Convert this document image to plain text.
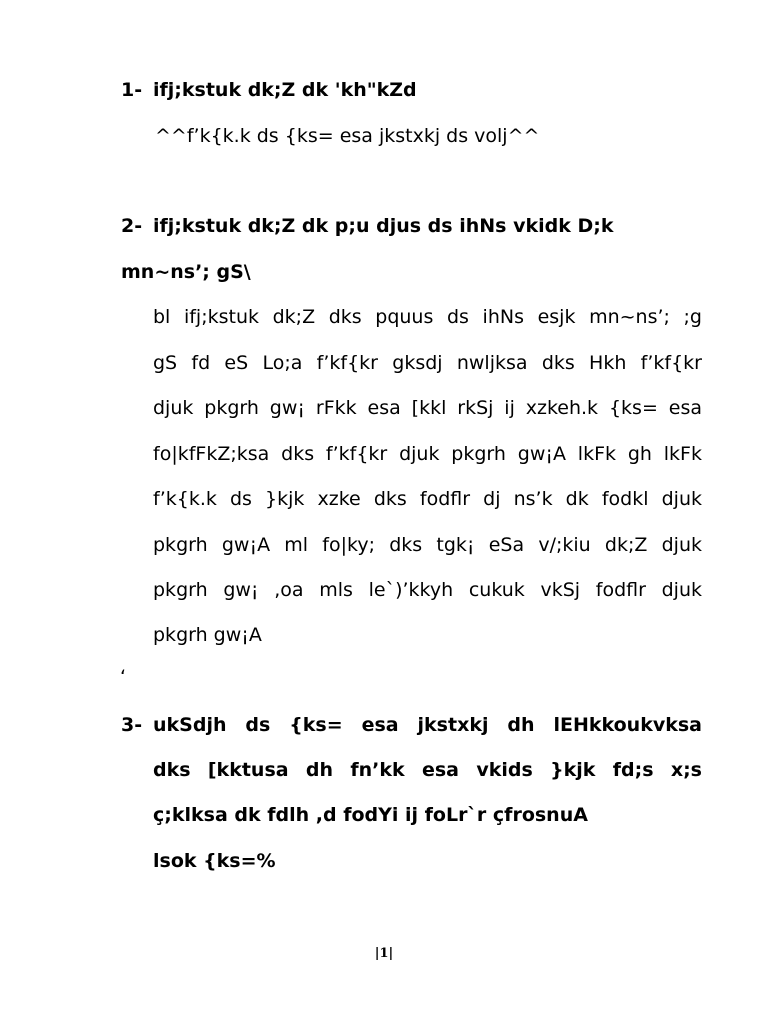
1- ifj;kstuk dk;Z dk 'kh"kZd
^^f’k{k.k ds {ks= esa jkstxkj ds volj^^
2- ifj;kstuk dk;Z dk p;u djus ds ihNs vkidk D;k
mn~ns’; gS\
bl ifj;kstuk dk;Z dks pquus ds ihNs esjk mn~ns’; ;g
gS fd eS Lo;a f’kf{kr gksdj nwljksa dks Hkh f’kf{kr
djuk pkgrh gw¡ rFkk esa [kkl rkSj ij xzkeh.k {ks= esa
fo|kfFkZ;ksa dks f’kf{kr djuk pkgrh gw¡A lkFk gh lkFk
f’k{k.k ds }kjk xzke dks fodflr dj ns’k dk fodkl djuk
pkgrh gw¡A ml fo|ky; dks tgk¡ eSa v/;kiu dk;Z djuk
pkgrh gw¡ ,oa mls le`)’kkyh cukuk vkSj fodflr djuk
pkgrh gw¡A
‘
3- ukSdjh ds {ks= esa jkstxkj dh lEHkkoukvksa
dks [kktusa dh fn’kk esa vkids }kjk fd;s x;s
ç;klksa dk fdlh ,d fodYi ij foLr`r çfrosnuA
lsok {ks=%
|1|
